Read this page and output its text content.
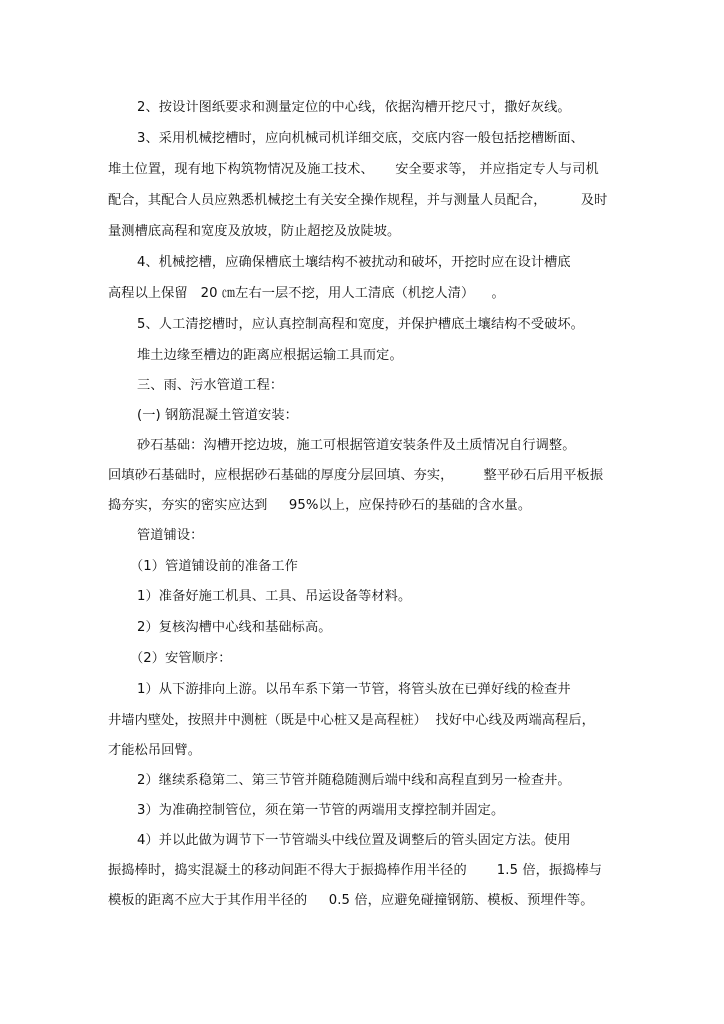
2、按设计图纸要求和测量定位的中心线，依据沟槽开挖尺寸，撒好灰线。
3、采用机械挖槽时，应向机械司机详细交底，交底内容一般包括挖槽断面、
堆土位置，现有地下构筑物情况及施工技术、     安全要求等， 并应指定专人与司机
配合，其配合人员应熟悉机械挖土有关安全操作规程，并与测量人员配合，        及时
量测槽底高程和宽度及放坡，防止超挖及放陡坡。
4、机械挖槽，应确保槽底土壤结构不被扰动和破坏，开挖时应在设计槽底
高程以上保留   20 ㎝左右一层不挖，用人工清底（机挖人清）    。
5、人工清挖槽时，应认真控制高程和宽度，并保护槽底土壤结构不受破坏。
堆土边缘至槽边的距离应根据运输工具而定。
三、雨、污水管道工程：
(一) 钢筋混凝土管道安装：
砂石基础：沟槽开挖边坡，施工可根据管道安装条件及土质情况自行调整。
回填砂石基础时，应根据砂石基础的厚度分层回填、夯实，       整平砂石后用平板振
捣夯实，夯实的密实应达到     95%以上，应保持砂石的基础的含水量。
管道铺设：
（1）管道铺设前的准备工作
1）准备好施工机具、工具、吊运设备等材料。
2）复核沟槽中心线和基础标高。
（2）安管顺序：
1）从下游排向上游。以吊车系下第一节管，将管头放在已弹好线的检查井
井墙内壁处，按照井中测桩（既是中心桩又是高程桩）  找好中心线及两端高程后，
才能松吊回臂。
2）继续系稳第二、第三节管并随稳随测后端中线和高程直到另一检查井。
3）为准确控制管位，须在第一节管的两端用支撑控制并固定。
4）并以此做为调节下一节管端头中线位置及调整后的管头固定方法。使用
振捣棒时，捣实混凝土的移动间距不得大于振捣棒作用半径的       1.5 倍，振捣棒与
模板的距离不应大于其作用半径的     0.5 倍，应避免碰撞钢筋、模板、预埋件等。
